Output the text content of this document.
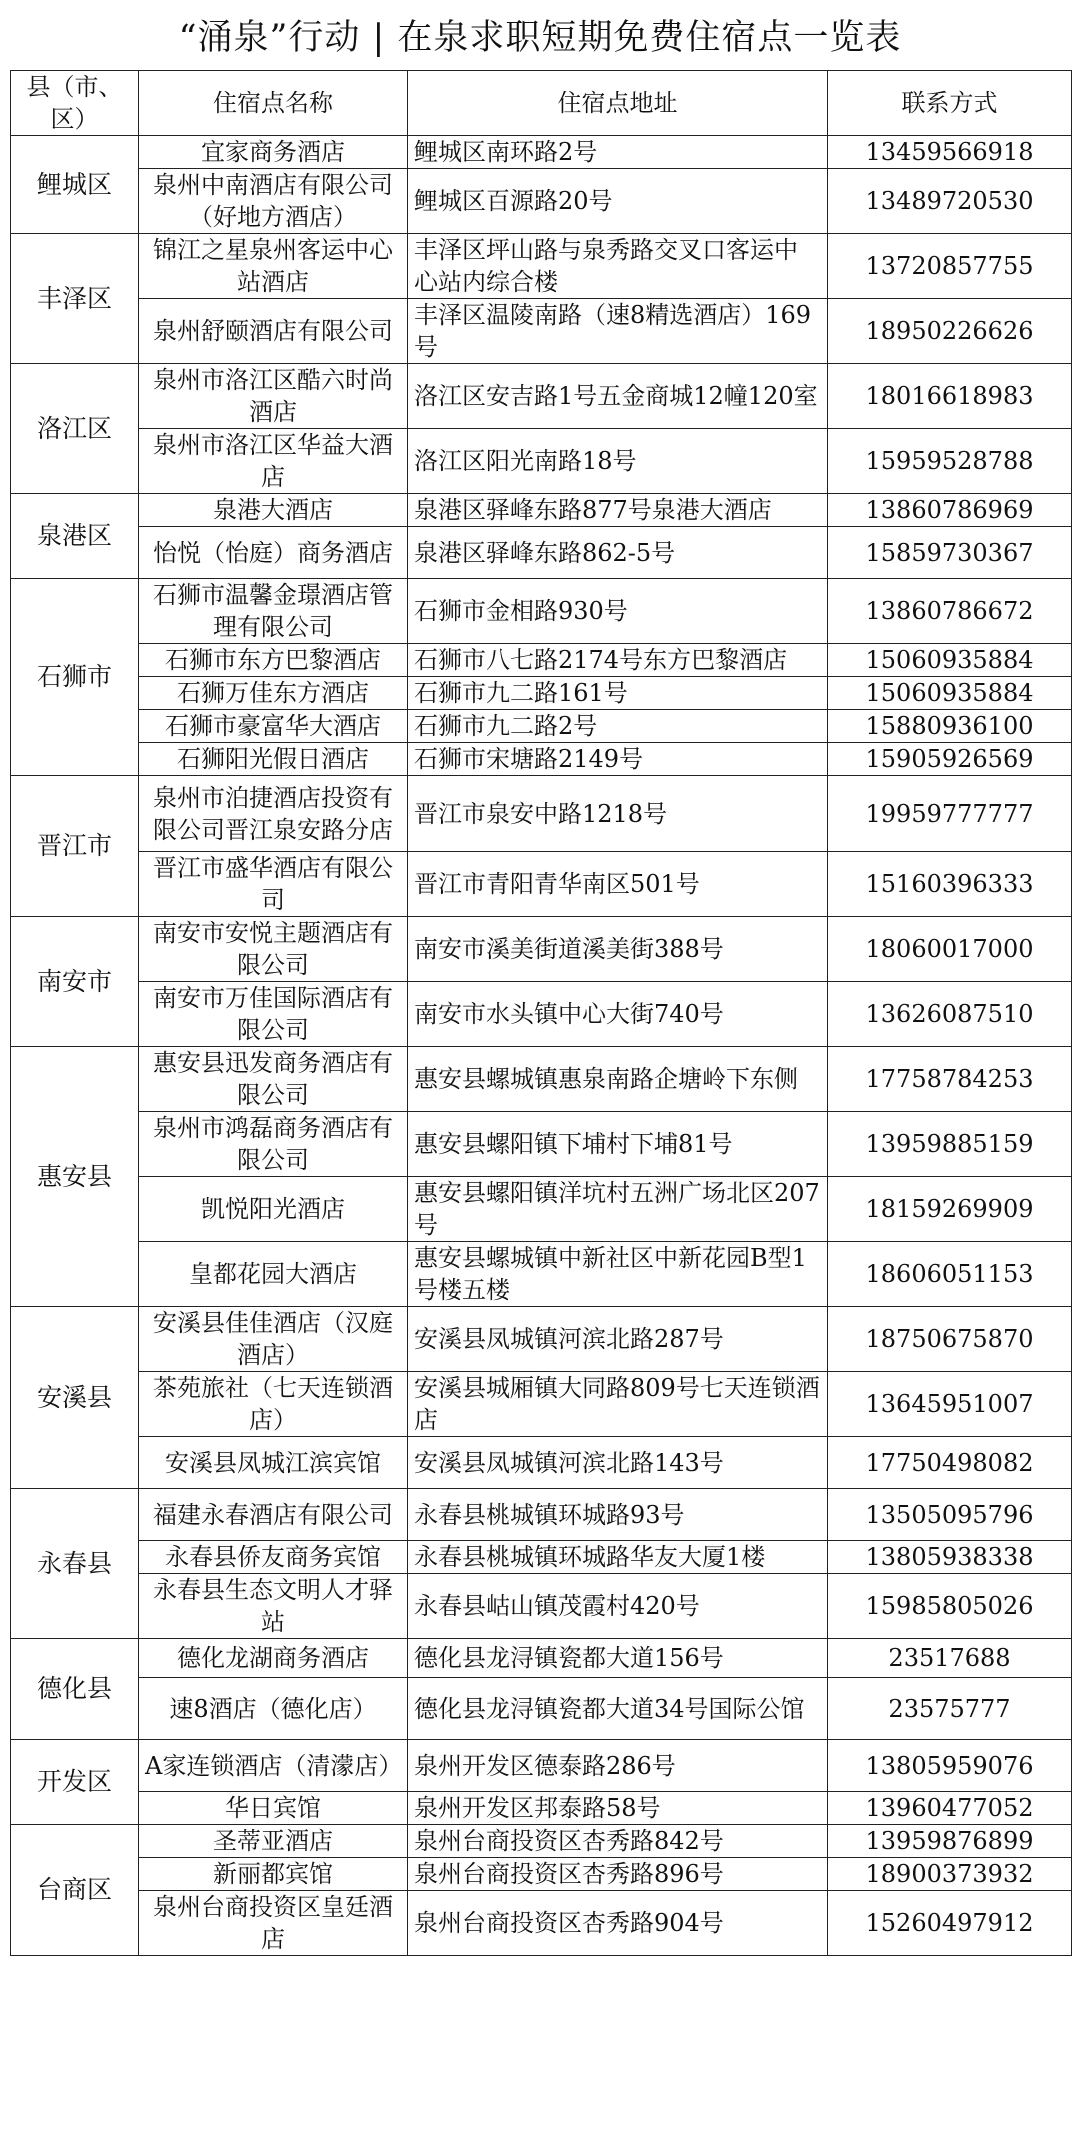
“涌泉”行动 | 在泉求职短期免费住宿点一览表
县（市、区）	住宿点名称	住宿点地址	联系方式
鲤城区	宜家商务酒店	鲤城区南环路2号	13459566918
	泉州中南酒店有限公司（好地方酒店）	鲤城区百源路20号	13489720530
丰泽区	锦江之星泉州客运中心站酒店	丰泽区坪山路与泉秀路交叉口客运中心站内综合楼	13720857755
	泉州舒颐酒店有限公司	丰泽区温陵南路（速8精选酒店）169号	18950226626
洛江区	泉州市洛江区酷六时尚酒店	洛江区安吉路1号五金商城12幢120室	18016618983
	泉州市洛江区华益大酒店	洛江区阳光南路18号	15959528788
泉港区	泉港大酒店	泉港区驿峰东路877号泉港大酒店	13860786969
	怡悦（怡庭）商务酒店	泉港区驿峰东路862-5号	15859730367
石狮市	石狮市温馨金璟酒店管理有限公司	石狮市金相路930号	13860786672
	石狮市东方巴黎酒店	石狮市八七路2174号东方巴黎酒店	15060935884
	石狮万佳东方酒店	石狮市九二路161号	15060935884
	石狮市豪富华大酒店	石狮市九二路2号	15880936100
	石狮阳光假日酒店	石狮市宋塘路2149号	15905926569
晋江市	泉州市泊捷酒店投资有限公司晋江泉安路分店	晋江市泉安中路1218号	19959777777
	晋江市盛华酒店有限公司	晋江市青阳青华南区501号	15160396333
南安市	南安市安悦主题酒店有限公司	南安市溪美街道溪美街388号	18060017000
	南安市万佳国际酒店有限公司	南安市水头镇中心大街740号	13626087510
惠安县	惠安县迅发商务酒店有限公司	惠安县螺城镇惠泉南路企塘岭下东侧	17758784253
	泉州市鸿磊商务酒店有限公司	惠安县螺阳镇下埔村下埔81号	13959885159
	凯悦阳光酒店	惠安县螺阳镇洋坑村五洲广场北区207号	18159269909
	皇都花园大酒店	惠安县螺城镇中新社区中新花园B型1号楼五楼	18606051153
安溪县	安溪县佳佳酒店（汉庭酒店）	安溪县凤城镇河滨北路287号	18750675870
	茶苑旅社（七天连锁酒店）	安溪县城厢镇大同路809号七天连锁酒店	13645951007
	安溪县凤城江滨宾馆	安溪县凤城镇河滨北路143号	17750498082
永春县	福建永春酒店有限公司	永春县桃城镇环城路93号	13505095796
	永春县侨友商务宾馆	永春县桃城镇环城路华友大厦1楼	13805938338
	永春县生态文明人才驿站	永春县岵山镇茂霞村420号	15985805026
德化县	德化龙湖商务酒店	德化县龙浔镇瓷都大道156号	23517688
	速8酒店（德化店）	德化县龙浔镇瓷都大道34号国际公馆	23575777
开发区	A家连锁酒店（清濛店）	泉州开发区德泰路286号	13805959076
	华日宾馆	泉州开发区邦泰路58号	13960477052
台商区	圣蒂亚酒店	泉州台商投资区杏秀路842号	13959876899
	新丽都宾馆	泉州台商投资区杏秀路896号	18900373932
	泉州台商投资区皇廷酒店	泉州台商投资区杏秀路904号	15260497912
